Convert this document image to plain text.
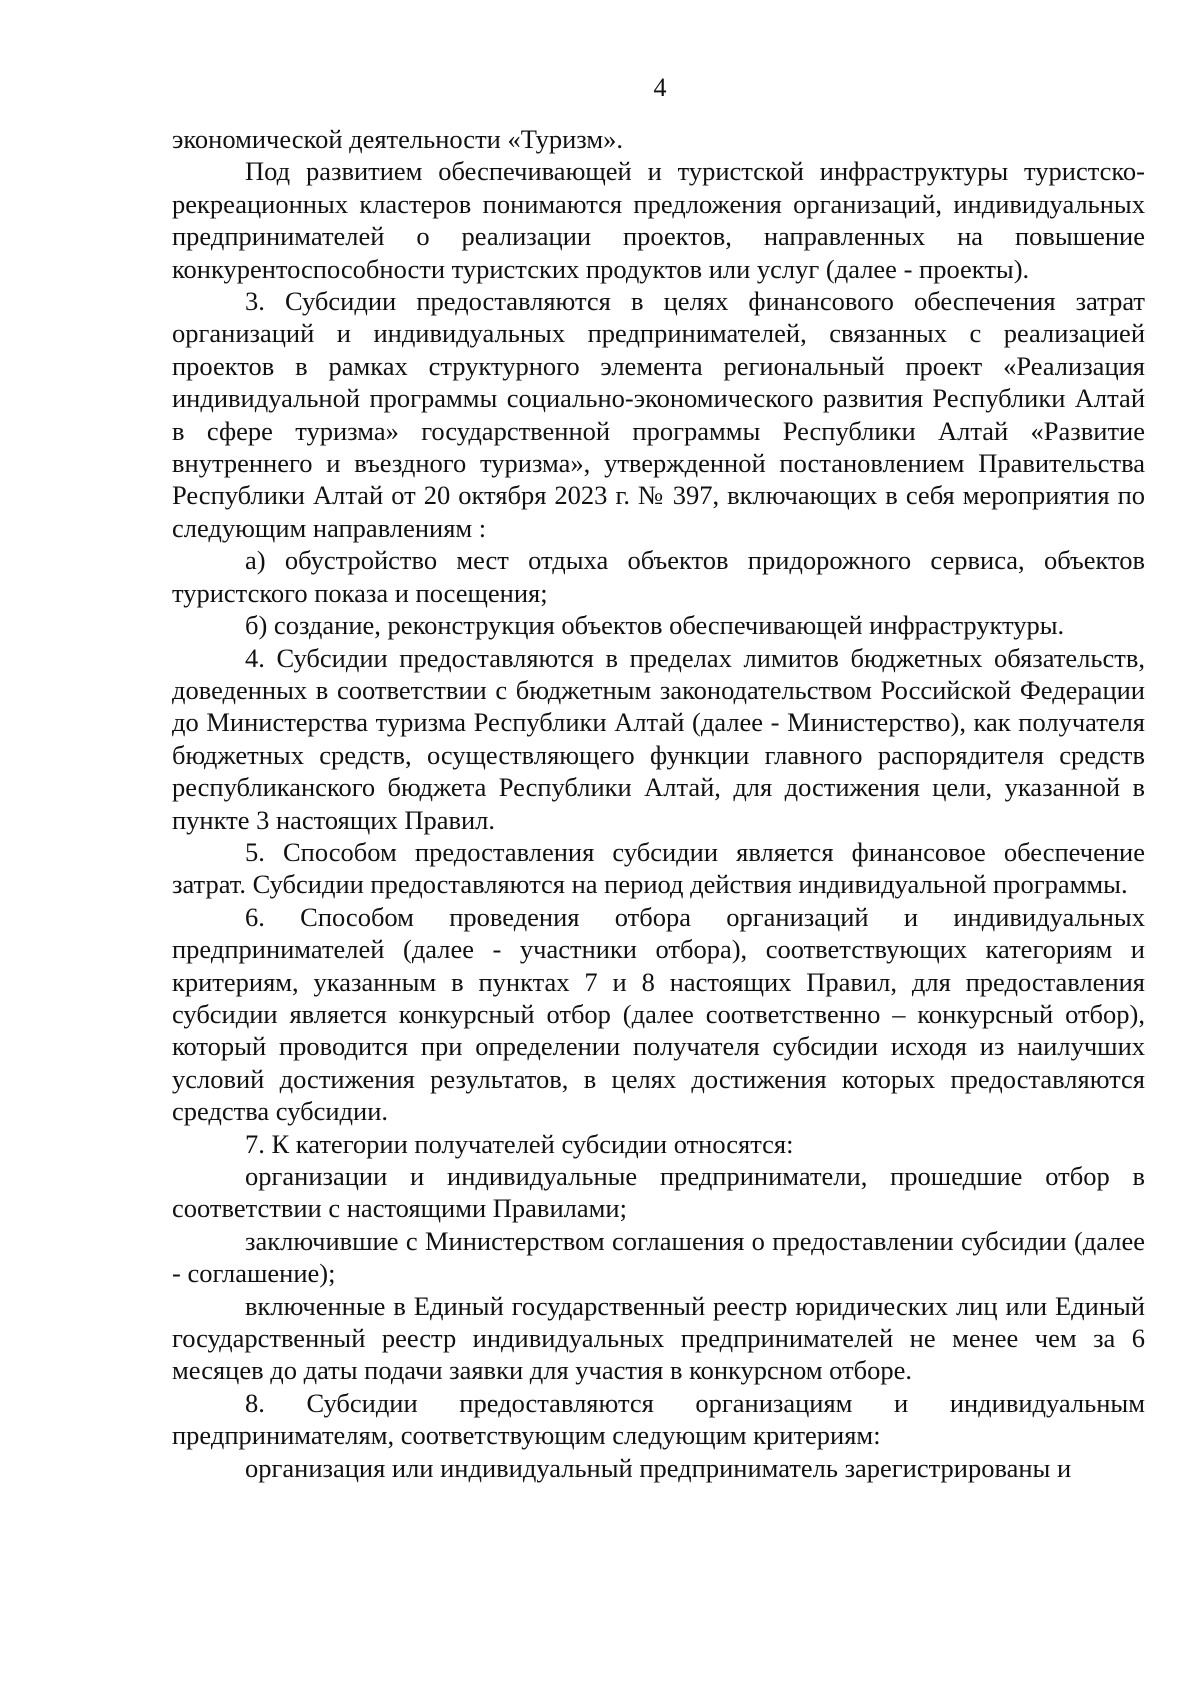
4

экономической деятельности «Туризм».

Под развитием обеспечивающей и туристской инфраструктуры туристско-рекреационных кластеров понимаются предложения организаций, индивидуальных предпринимателей о реализации проектов, направленных на повышение конкурентоспособности туристских продуктов или услуг (далее - проекты).

3. Субсидии предоставляются в целях финансового обеспечения затрат организаций и индивидуальных предпринимателей, связанных с реализацией проектов в рамках структурного элемента региональный проект «Реализация индивидуальной программы социально-экономического развития Республики Алтай в сфере туризма» государственной программы Республики Алтай «Развитие внутреннего и въездного туризма», утвержденной постановлением Правительства Республики Алтай от 20 октября 2023 г. № 397, включающих в себя мероприятия по следующим направлениям :

а) обустройство мест отдыха объектов придорожного сервиса, объектов туристского показа и посещения;

б) создание, реконструкция объектов обеспечивающей инфраструктуры.

4. Субсидии предоставляются в пределах лимитов бюджетных обязательств, доведенных в соответствии с бюджетным законодательством Российской Федерации до Министерства туризма Республики Алтай (далее - Министерство), как получателя бюджетных средств, осуществляющего функции главного распорядителя средств республиканского бюджета Республики Алтай, для достижения цели, указанной в пункте 3 настоящих Правил.

5. Способом предоставления субсидии является финансовое обеспечение затрат. Субсидии предоставляются на период действия индивидуальной программы.

6. Способом проведения отбора организаций и индивидуальных предпринимателей (далее - участники отбора), соответствующих категориям и критериям, указанным в пунктах 7 и 8 настоящих Правил, для предоставления субсидии является конкурсный отбор (далее соответственно – конкурсный отбор), который проводится при определении получателя субсидии исходя из наилучших условий достижения результатов, в целях достижения которых предоставляются средства субсидии.

7. К категории получателей субсидии относятся:

организации и индивидуальные предприниматели, прошедшие отбор в соответствии с настоящими Правилами;

заключившие с Министерством соглашения о предоставлении субсидии (далее - соглашение);

включенные в Единый государственный реестр юридических лиц или Единый государственный реестр индивидуальных предпринимателей не менее чем за 6 месяцев до даты подачи заявки для участия в конкурсном отборе.

8. Субсидии предоставляются организациям и индивидуальным предпринимателям, соответствующим следующим критериям:

организация или индивидуальный предприниматель зарегистрированы и
